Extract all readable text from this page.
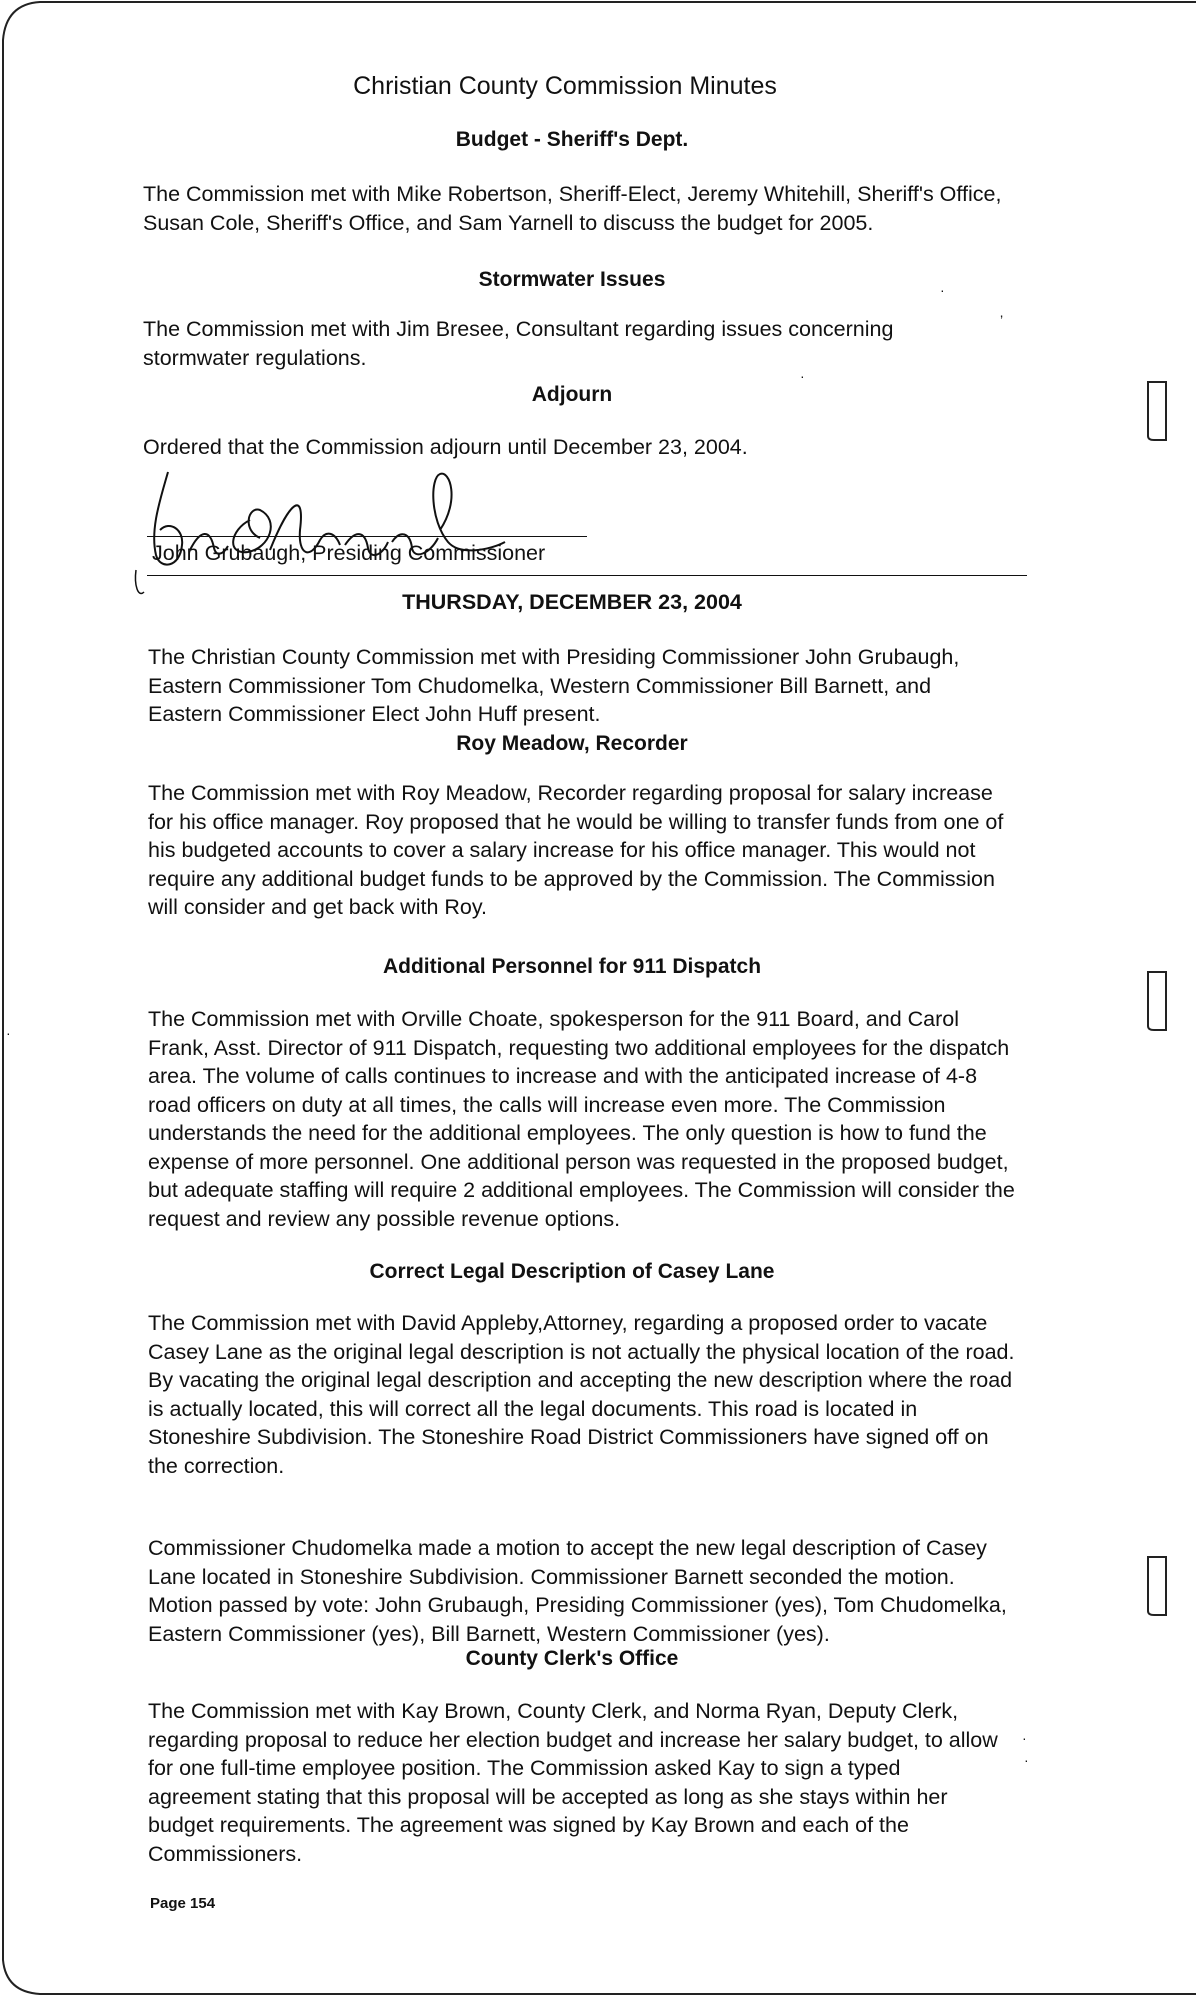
Christian County Commission Minutes
Budget - Sheriff's Dept.
The Commission met with Mike Robertson, Sheriff-Elect, Jeremy Whitehill, Sheriff's Office, Susan Cole, Sheriff's Office, and Sam Yarnell to discuss the budget for 2005.
Stormwater Issues
The Commission met with Jim Bresee, Consultant regarding issues concerning stormwater regulations.
Adjourn
Ordered that the Commission adjourn until December 23, 2004.
John Grubaugh, Presiding Commissioner
THURSDAY, DECEMBER 23, 2004
The Christian County Commission met with Presiding Commissioner John Grubaugh, Eastern Commissioner Tom Chudomelka, Western Commissioner Bill Barnett, and Eastern Commissioner Elect John Huff present.
Roy Meadow, Recorder
The Commission met with Roy Meadow, Recorder regarding proposal for salary increase for his office manager. Roy proposed that he would be willing to transfer funds from one of his budgeted accounts to cover a salary increase for his office manager. This would not require any additional budget funds to be approved by the Commission. The Commission will consider and get back with Roy.
Additional Personnel for 911 Dispatch
The Commission met with Orville Choate, spokesperson for the 911 Board, and Carol Frank, Asst. Director of 911 Dispatch, requesting two additional employees for the dispatch area. The volume of calls continues to increase and with the anticipated increase of 4-8 road officers on duty at all times, the calls will increase even more. The Commission understands the need for the additional employees. The only question is how to fund the expense of more personnel. One additional person was requested in the proposed budget, but adequate staffing will require 2 additional employees. The Commission will consider the request and review any possible revenue options.
Correct Legal Description of Casey Lane
The Commission met with David Appleby,Attorney, regarding a proposed order to vacate Casey Lane as the original legal description is not actually the physical location of the road. By vacating the original legal description and accepting the new description where the road is actually located, this will correct all the legal documents. This road is located in Stoneshire Subdivision. The Stoneshire Road District Commissioners have signed off on the correction.
Commissioner Chudomelka made a motion to accept the new legal description of Casey Lane located in Stoneshire Subdivision. Commissioner Barnett seconded the motion. Motion passed by vote: John Grubaugh, Presiding Commissioner (yes), Tom Chudomelka, Eastern Commissioner (yes), Bill Barnett, Western Commissioner (yes).
County Clerk's Office
The Commission met with Kay Brown, County Clerk, and Norma Ryan, Deputy Clerk, regarding proposal to reduce her election budget and increase her salary budget, to allow for one full-time employee position. The Commission asked Kay to sign a typed agreement stating that this proposal will be accepted as long as she stays within her budget requirements. The agreement was signed by Kay Brown and each of the Commissioners.
Page 154
·
’
·
·
·
·
